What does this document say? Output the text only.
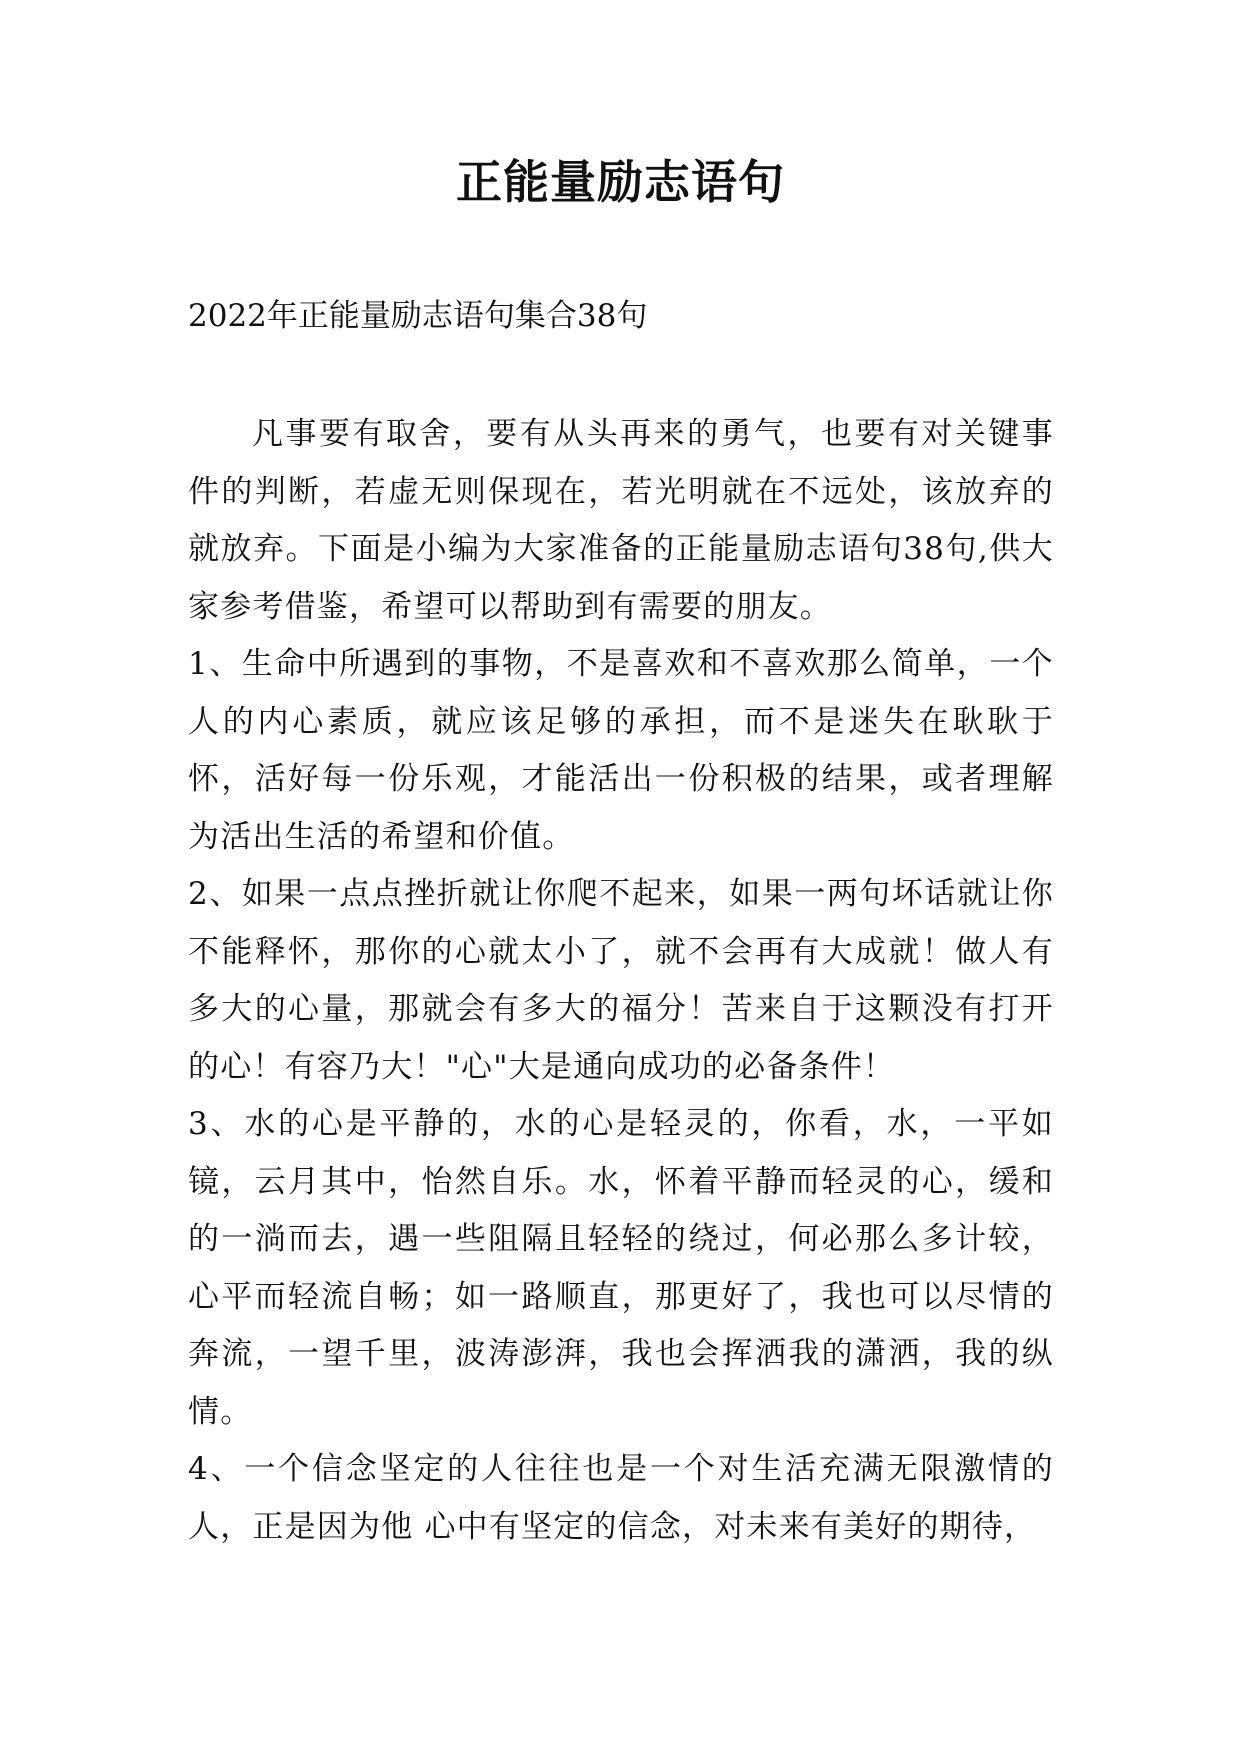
正能量励志语句
2022年正能量励志语句集合38句

凡事要有取舍，要有从头再来的勇气，也要有对关键事件的判断，若虚无则保现在，若光明就在不远处，该放弃的就放弃。下面是小编为大家准备的正能量励志语句38句,供大家参考借鉴，希望可以帮助到有需要的朋友。

1、生命中所遇到的事物，不是喜欢和不喜欢那么简单，一个人的内心素质，就应该足够的承担，而不是迷失在耿耿于怀，活好每一份乐观，才能活出一份积极的结果，或者理解为活出生活的希望和价值。

2、如果一点点挫折就让你爬不起来，如果一两句坏话就让你不能释怀，那你的心就太小了，就不会再有大成就！做人有多大的心量，那就会有多大的福分！苦来自于这颗没有打开的心！有容乃大！"心"大是通向成功的必备条件！

3、水的心是平静的，水的心是轻灵的，你看，水，一平如镜，云月其中，怡然自乐。水，怀着平静而轻灵的心，缓和的一淌而去，遇一些阻隔且轻轻的绕过，何必那么多计较，心平而轻流自畅；如一路顺直，那更好了，我也可以尽情的奔流，一望千里，波涛澎湃，我也会挥洒我的潇洒，我的纵情。

4、一个信念坚定的人往往也是一个对生活充满无限激情的人，正是因为他 心中有坚定的信念，对未来有美好的期待，
